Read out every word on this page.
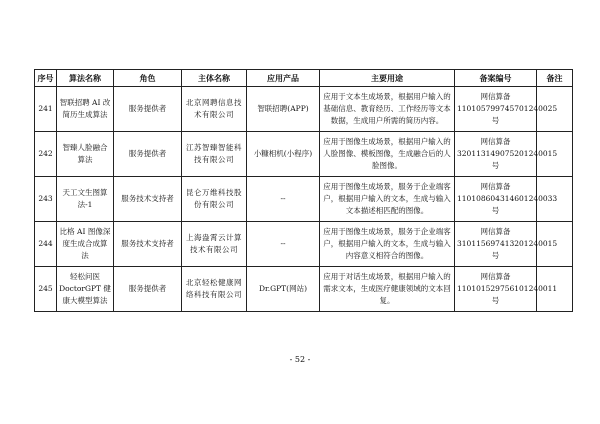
序号	算法名称	角色	主体名称	应用产品	主要用途	备案编号	备注
241	智联招聘 AI 改简历生成算法	服务提供者	北京网聘信息技术有限公司	智联招聘(APP)	应用于文本生成场景，根据用户输入的基础信息、教育经历、工作经历等文本数据，生成用户所需的简历内容。	网信算备 110105799745701240025 号	
242	智臻人脸融合算法	服务提供者	江苏智臻智能科技有限公司	小糠相机(小程序)	应用于图像生成场景，根据用户输入的人脸图像、模板图像，生成融合后的人脸图像。	网信算备 320113149075201240015 号	
243	天工文生图算法-1	服务技术支持者	昆仑万维科技股份有限公司	--	应用于图像生成场景，服务于企业端客户，根据用户输入的文本，生成与输入文本描述相匹配的图像。	网信算备 110108604314601240033 号	
244	比格 AI 图像深度生成合成算法	服务技术支持者	上海盎霄云计算技术有限公司	--	应用于图像生成场景，服务于企业端客户，根据用户输入的文本，生成与输入内容意义相符合的图像。	网信算备 310115697413201240015 号	
245	轻松问医 DoctorGPT 健康大模型算法	服务提供者	北京轻松健康网络科技有限公司	Dr.GPT(网站)	应用于对话生成场景，根据用户输入的需求文本，生成医疗健康领域的文本回复。	网信算备 110101529756101240011 号	
- 52 -
